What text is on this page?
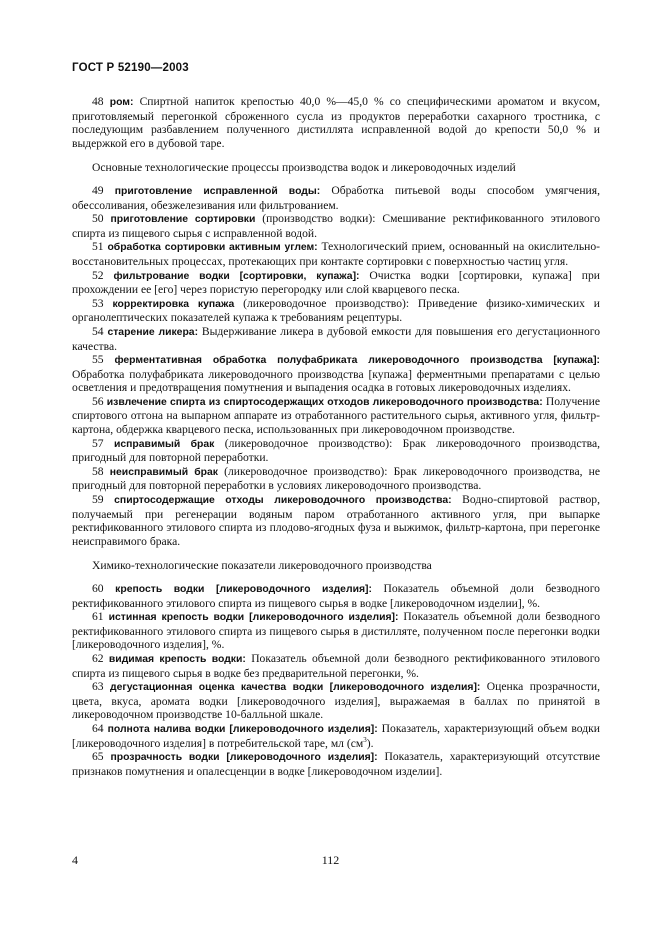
ГОСТ Р 52190—2003

48 ром: Спиртной напиток крепостью 40,0 %—45,0 % со специфическими ароматом и вкусом, приготовляемый перегонкой сброженного сусла из продуктов переработки сахарного тростника, с последующим разбавлением полученного дистиллята исправленной водой до крепости 50,0 % и выдержкой его в дубовой таре.

Основные технологические процессы производства водок и ликероводочных изделий

49 приготовление исправленной воды: Обработка питьевой воды способом умягчения, обессоливания, обезжелезивания или фильтрованием.

50 приготовление сортировки (производство водки): Смешивание ректификованного этилового спирта из пищевого сырья с исправленной водой.

51 обработка сортировки активным углем: Технологический прием, основанный на окислительно-восстановительных процессах, протекающих при контакте сортировки с поверхностью частиц угля.

52 фильтрование водки [сортировки, купажа]: Очистка водки [сортировки, купажа] при прохождении ее [его] через пористую перегородку или слой кварцевого песка.

53 корректировка купажа (ликероводочное производство): Приведение физико-химических и органолептических показателей купажа к требованиям рецептуры.

54 старение ликера: Выдерживание ликера в дубовой емкости для повышения его дегустационного качества.

55 ферментативная обработка полуфабриката ликероводочного производства [купажа]: Обработка полуфабриката ликероводочного производства [купажа] ферментными препаратами с целью осветления и предотвращения помутнения и выпадения осадка в готовых ликероводочных изделиях.

56 извлечение спирта из спиртосодержащих отходов ликероводочного производства: Получение спиртового отгона на выпарном аппарате из отработанного растительного сырья, активного угля, фильтр-картона, обдержка кварцевого песка, использованных при ликероводочном производстве.

57 исправимый брак (ликероводочное производство): Брак ликероводочного производства, пригодный для повторной переработки.

58 неисправимый брак (ликероводочное производство): Брак ликероводочного производства, не пригодный для повторной переработки в условиях ликероводочного производства.

59 спиртосодержащие отходы ликероводочного производства: Водно-спиртовой раствор, получаемый при регенерации водяным паром отработанного активного угля, при выпарке ректификованного этилового спирта из плодово-ягодных фуза и выжимок, фильтр-картона, при перегонке неисправимого брака.

Химико-технологические показатели ликероводочного производства

60 крепость водки [ликероводочного изделия]: Показатель объемной доли безводного ректификованного этилового спирта из пищевого сырья в водке [ликероводочном изделии], %.

61 истинная крепость водки [ликероводочного изделия]: Показатель объемной доли безводного ректификованного этилового спирта из пищевого сырья в дистилляте, полученном после перегонки водки [ликероводочного изделия], %.

62 видимая крепость водки: Показатель объемной доли безводного ректификованного этилового спирта из пищевого сырья в водке без предварительной перегонки, %.

63 дегустационная оценка качества водки [ликероводочного изделия]: Оценка прозрачности, цвета, вкуса, аромата водки [ликероводочного изделия], выражаемая в баллах по принятой в ликероводочном производстве 10-балльной шкале.

64 полнота налива водки [ликероводочного изделия]: Показатель, характеризующий объем водки [ликероводочного изделия] в потребительской таре, мл $(см^3)$.

65 прозрачность водки [ликероводочного изделия]: Показатель, характеризующий отсутствие признаков помутнения и опалесценции в водке [ликероводочном изделии].

4	112
